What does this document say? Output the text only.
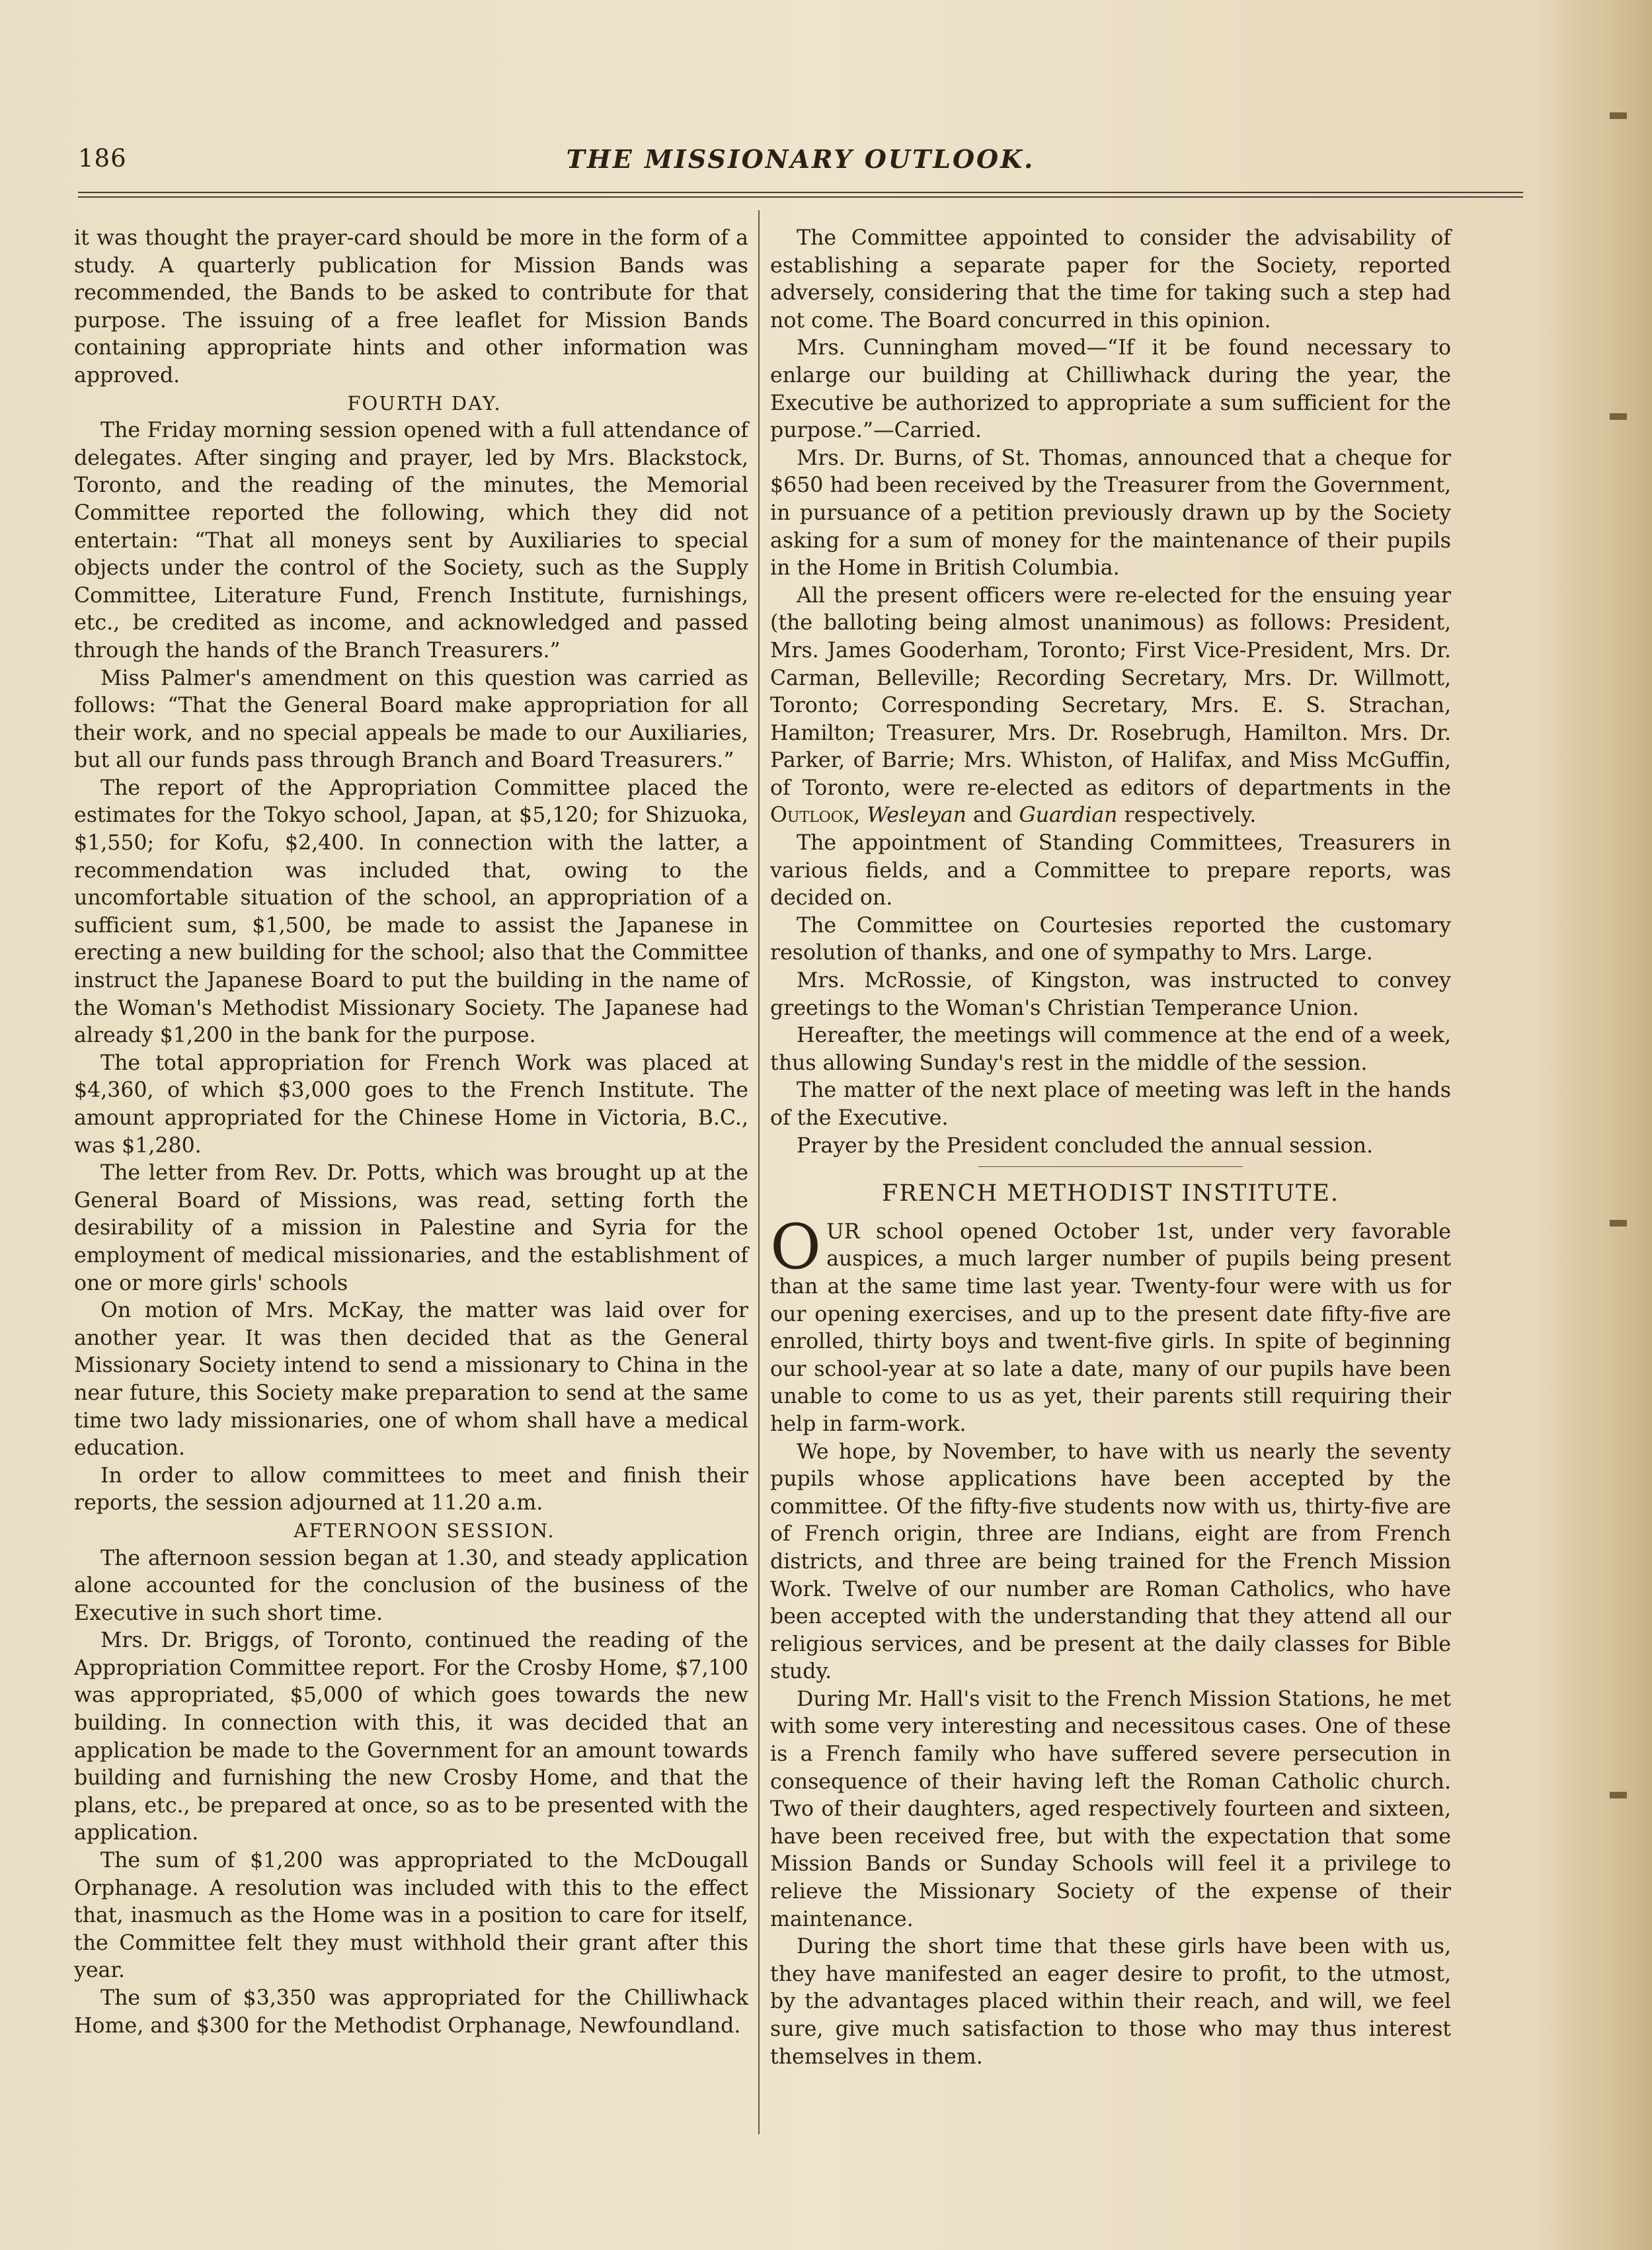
186	THE MISSIONARY OUTLOOK.

it was thought the prayer-card should be more in the form of a study. A quarterly publication for Mission Bands was recommended, the Bands to be asked to contribute for that purpose. The issuing of a free leaflet for Mission Bands containing appropriate hints and other information was approved.

FOURTH DAY.

The Friday morning session opened with a full attendance of delegates. After singing and prayer, led by Mrs. Blackstock, Toronto, and the reading of the minutes, the Memorial Committee reported the following, which they did not entertain: “That all moneys sent by Auxiliaries to special objects under the control of the Society, such as the Supply Committee, Literature Fund, French Institute, furnishings, etc., be credited as income, and acknowledged and passed through the hands of the Branch Treasurers.”

Miss Palmer's amendment on this question was carried as follows: “That the General Board make appropriation for all their work, and no special appeals be made to our Auxiliaries, but all our funds pass through Branch and Board Treasurers.”

The report of the Appropriation Committee placed the estimates for the Tokyo school, Japan, at $5,120; for Shizuoka, $1,550; for Kofu, $2,400. In connection with the latter, a recommendation was included that, owing to the uncomfortable situation of the school, an appropriation of a sufficient sum, $1,500, be made to assist the Japanese in erecting a new building for the school; also that the Committee instruct the Japanese Board to put the building in the name of the Woman's Methodist Missionary Society. The Japanese had already $1,200 in the bank for the purpose.

The total appropriation for French Work was placed at $4,360, of which $3,000 goes to the French Institute. The amount appropriated for the Chinese Home in Victoria, B.C., was $1,280.

The letter from Rev. Dr. Potts, which was brought up at the General Board of Missions, was read, setting forth the desirability of a mission in Palestine and Syria for the employment of medical missionaries, and the establishment of one or more girls' schools

On motion of Mrs. McKay, the matter was laid over for another year. It was then decided that as the General Missionary Society intend to send a missionary to China in the near future, this Society make preparation to send at the same time two lady missionaries, one of whom shall have a medical education.

In order to allow committees to meet and finish their reports, the session adjourned at 11.20 a.m.

AFTERNOON SESSION.

The afternoon session began at 1.30, and steady application alone accounted for the conclusion of the business of the Executive in such short time.

Mrs. Dr. Briggs, of Toronto, continued the reading of the Appropriation Committee report. For the Crosby Home, $7,100 was appropriated, $5,000 of which goes towards the new building. In connection with this, it was decided that an application be made to the Government for an amount towards building and furnishing the new Crosby Home, and that the plans, etc., be prepared at once, so as to be presented with the application.

The sum of $1,200 was appropriated to the McDougall Orphanage. A resolution was included with this to the effect that, inasmuch as the Home was in a position to care for itself, the Committee felt they must withhold their grant after this year.

The sum of $3,350 was appropriated for the Chilliwhack Home, and $300 for the Methodist Orphanage, Newfoundland.

The Committee appointed to consider the advisability of establishing a separate paper for the Society, reported adversely, considering that the time for taking such a step had not come. The Board concurred in this opinion.

Mrs. Cunningham moved—“If it be found necessary to enlarge our building at Chilliwhack during the year, the Executive be authorized to appropriate a sum sufficient for the purpose.”—Carried.

Mrs. Dr. Burns, of St. Thomas, announced that a cheque for $650 had been received by the Treasurer from the Government, in pursuance of a petition previously drawn up by the Society asking for a sum of money for the maintenance of their pupils in the Home in British Columbia.

All the present officers were re-elected for the ensuing year (the balloting being almost unanimous) as follows: President, Mrs. James Gooderham, Toronto; First Vice-President, Mrs. Dr. Carman, Belleville; Recording Secretary, Mrs. Dr. Willmott, Toronto; Corresponding Secretary, Mrs. E. S. Strachan, Hamilton; Treasurer, Mrs. Dr. Rosebrugh, Hamilton. Mrs. Dr. Parker, of Barrie; Mrs. Whiston, of Halifax, and Miss McGuffin, of Toronto, were re-elected as editors of departments in the Outlook, Wesleyan and Guardian respectively.

The appointment of Standing Committees, Treasurers in various fields, and a Committee to prepare reports, was decided on.

The Committee on Courtesies reported the customary resolution of thanks, and one of sympathy to Mrs. Large.

Mrs. McRossie, of Kingston, was instructed to convey greetings to the Woman's Christian Temperance Union.

Hereafter, the meetings will commence at the end of a week, thus allowing Sunday's rest in the middle of the session.

The matter of the next place of meeting was left in the hands of the Executive.

Prayer by the President concluded the annual session.

FRENCH METHODIST INSTITUTE.

OUR school opened October 1st, under very favorable auspices, a much larger number of pupils being present than at the same time last year. Twenty-four were with us for our opening exercises, and up to the present date fifty-five are enrolled, thirty boys and twent-five girls. In spite of beginning our school-year at so late a date, many of our pupils have been unable to come to us as yet, their parents still requiring their help in farm-work.

We hope, by November, to have with us nearly the seventy pupils whose applications have been accepted by the committee. Of the fifty-five students now with us, thirty-five are of French origin, three are Indians, eight are from French districts, and three are being trained for the French Mission Work. Twelve of our number are Roman Catholics, who have been accepted with the understanding that they attend all our religious services, and be present at the daily classes for Bible study.

During Mr. Hall's visit to the French Mission Stations, he met with some very interesting and necessitous cases. One of these is a French family who have suffered severe persecution in consequence of their having left the Roman Catholic church. Two of their daughters, aged respectively fourteen and sixteen, have been received free, but with the expectation that some Mission Bands or Sunday Schools will feel it a privilege to relieve the Missionary Society of the expense of their maintenance.

During the short time that these girls have been with us, they have manifested an eager desire to profit, to the utmost, by the advantages placed within their reach, and will, we feel sure, give much satisfaction to those who may thus interest themselves in them.
